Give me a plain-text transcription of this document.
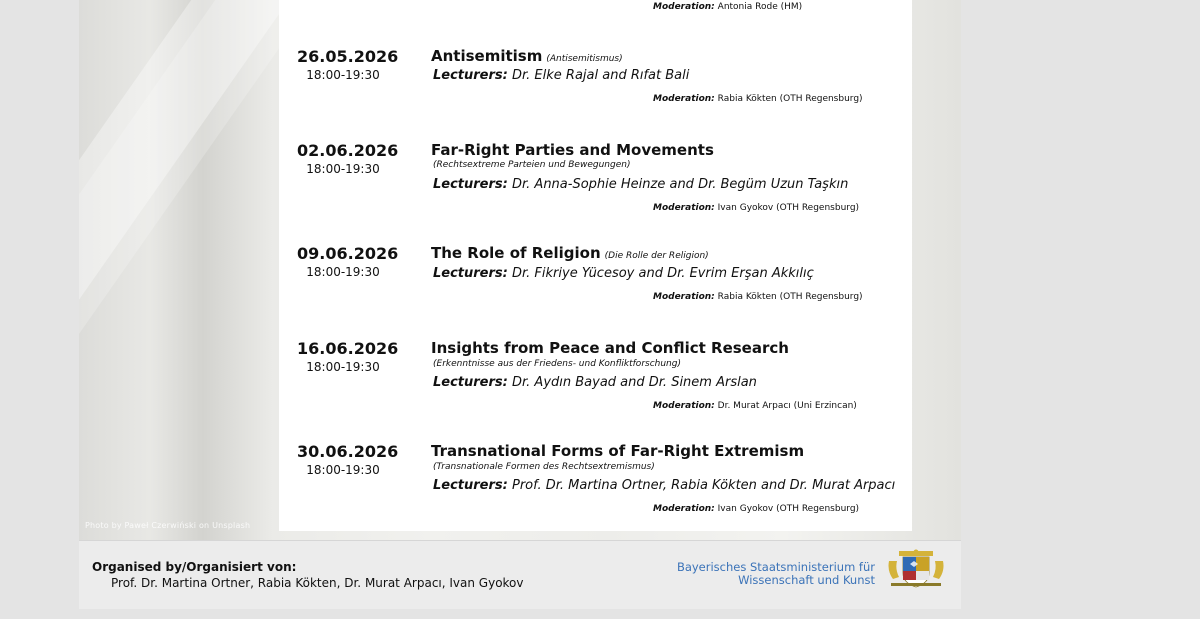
Photo by Paweł Czerwiński on Unsplash
Moderation: Antonia Rode (HM)
26.05.2026
18:00-19:30
Antisemitism (Antisemitismus)
Lecturers: Dr. Elke Rajal and Rıfat Bali
Moderation: Rabia Kökten (OTH Regensburg)
02.06.2026
18:00-19:30
Far-Right Parties and Movements
(Rechtsextreme Parteien und Bewegungen)
Lecturers: Dr. Anna-Sophie Heinze and Dr. Begüm Uzun Taşkın
Moderation: Ivan Gyokov (OTH Regensburg)
09.06.2026
18:00-19:30
The Role of Religion (Die Rolle der Religion)
Lecturers: Dr. Fikriye Yücesoy and Dr. Evrim Erşan Akkılıç
Moderation: Rabia Kökten (OTH Regensburg)
16.06.2026
18:00-19:30
Insights from Peace and Conflict Research
(Erkenntnisse aus der Friedens- und Konfliktforschung)
Lecturers: Dr. Aydın Bayad and Dr. Sinem Arslan
Moderation: Dr. Murat Arpacı (Uni Erzincan)
30.06.2026
18:00-19:30
Transnational Forms of Far-Right Extremism
(Transnationale Formen des Rechtsextremismus)
Lecturers: Prof. Dr. Martina Ortner, Rabia Kökten and Dr. Murat Arpacı
Moderation: Ivan Gyokov (OTH Regensburg)
Organised by/Organisiert von:
Prof. Dr. Martina Ortner, Rabia Kökten, Dr. Murat Arpacı, Ivan Gyokov
Bayerisches Staatsministerium für
Wissenschaft und Kunst
